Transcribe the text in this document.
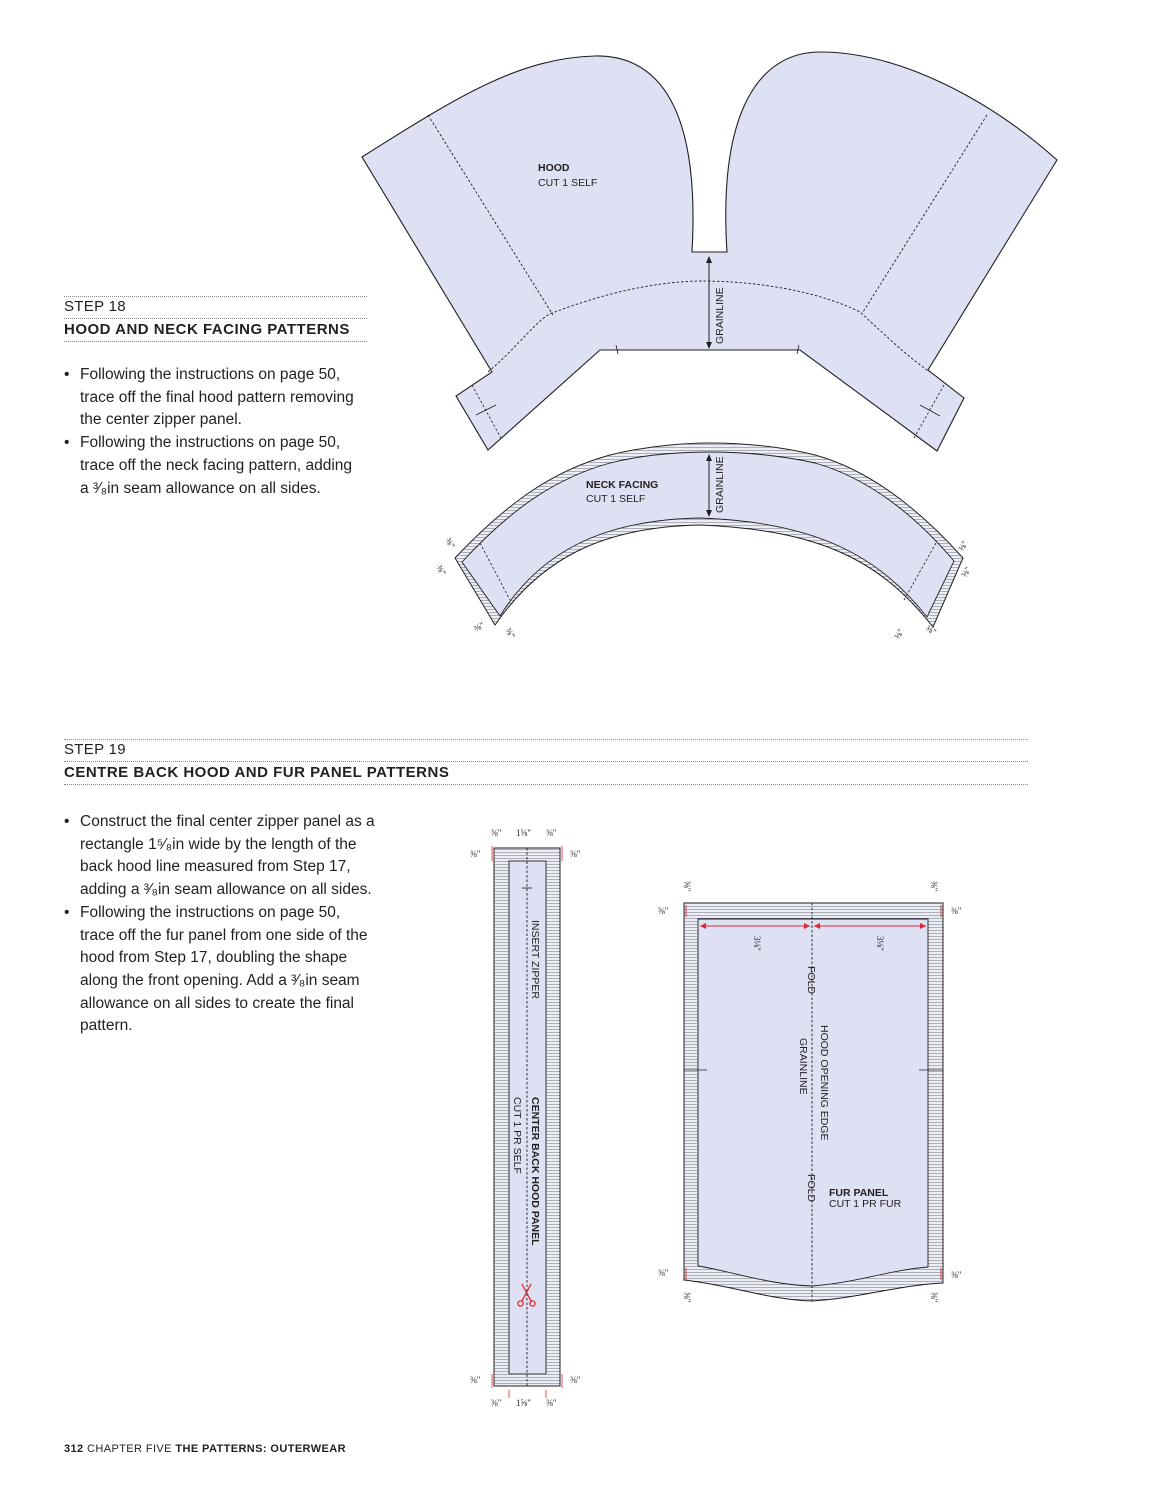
STEP 18
HOOD AND NECK FACING PATTERNS
• Following the instructions on page 50, trace off the final hood pattern removing the center zipper panel.
• Following the instructions on page 50, trace off the neck facing pattern, adding a ³⁄₈in seam allowance on all sides.
STEP 19
CENTRE BACK HOOD AND FUR PANEL PATTERNS
• Construct the final center zipper panel as a rectangle 1⁵⁄₈in wide by the length of the back hood line measured from Step 17, adding a ³⁄₈in seam allowance on all sides.
• Following the instructions on page 50, trace off the fur panel from one side of the hood from Step 17, doubling the shape along the front opening. Add a ³⁄₈in seam allowance on all sides to create the final pattern.
GRAINLINE
HOOD
CUT 1 SELF
GRAINLINE
NECK FACING
CUT 1 SELF
⅜"
⅜"
⅜" ⅜"
⅜"
⅜"
⅜" ⅜"
INSERT ZIPPER
CENTER BACK HOOD PANEL
CUT 1 PR SELF
⅜" 1⅝" ⅜"
⅜"	⅜"
⅜"	⅜"
⅜" 1⅝" ⅜"
3⅛"	3⅛"
FOLD
HOOD OPENING EDGE
GRAINLINE
FOLD FUR PANEL
CUT 1 PR FUR
⅜"	⅜"
⅜"	⅜"
⅜"	⅜"
⅜"	⅜"
312 CHAPTER FIVE THE PATTERNS: OUTERWEAR
